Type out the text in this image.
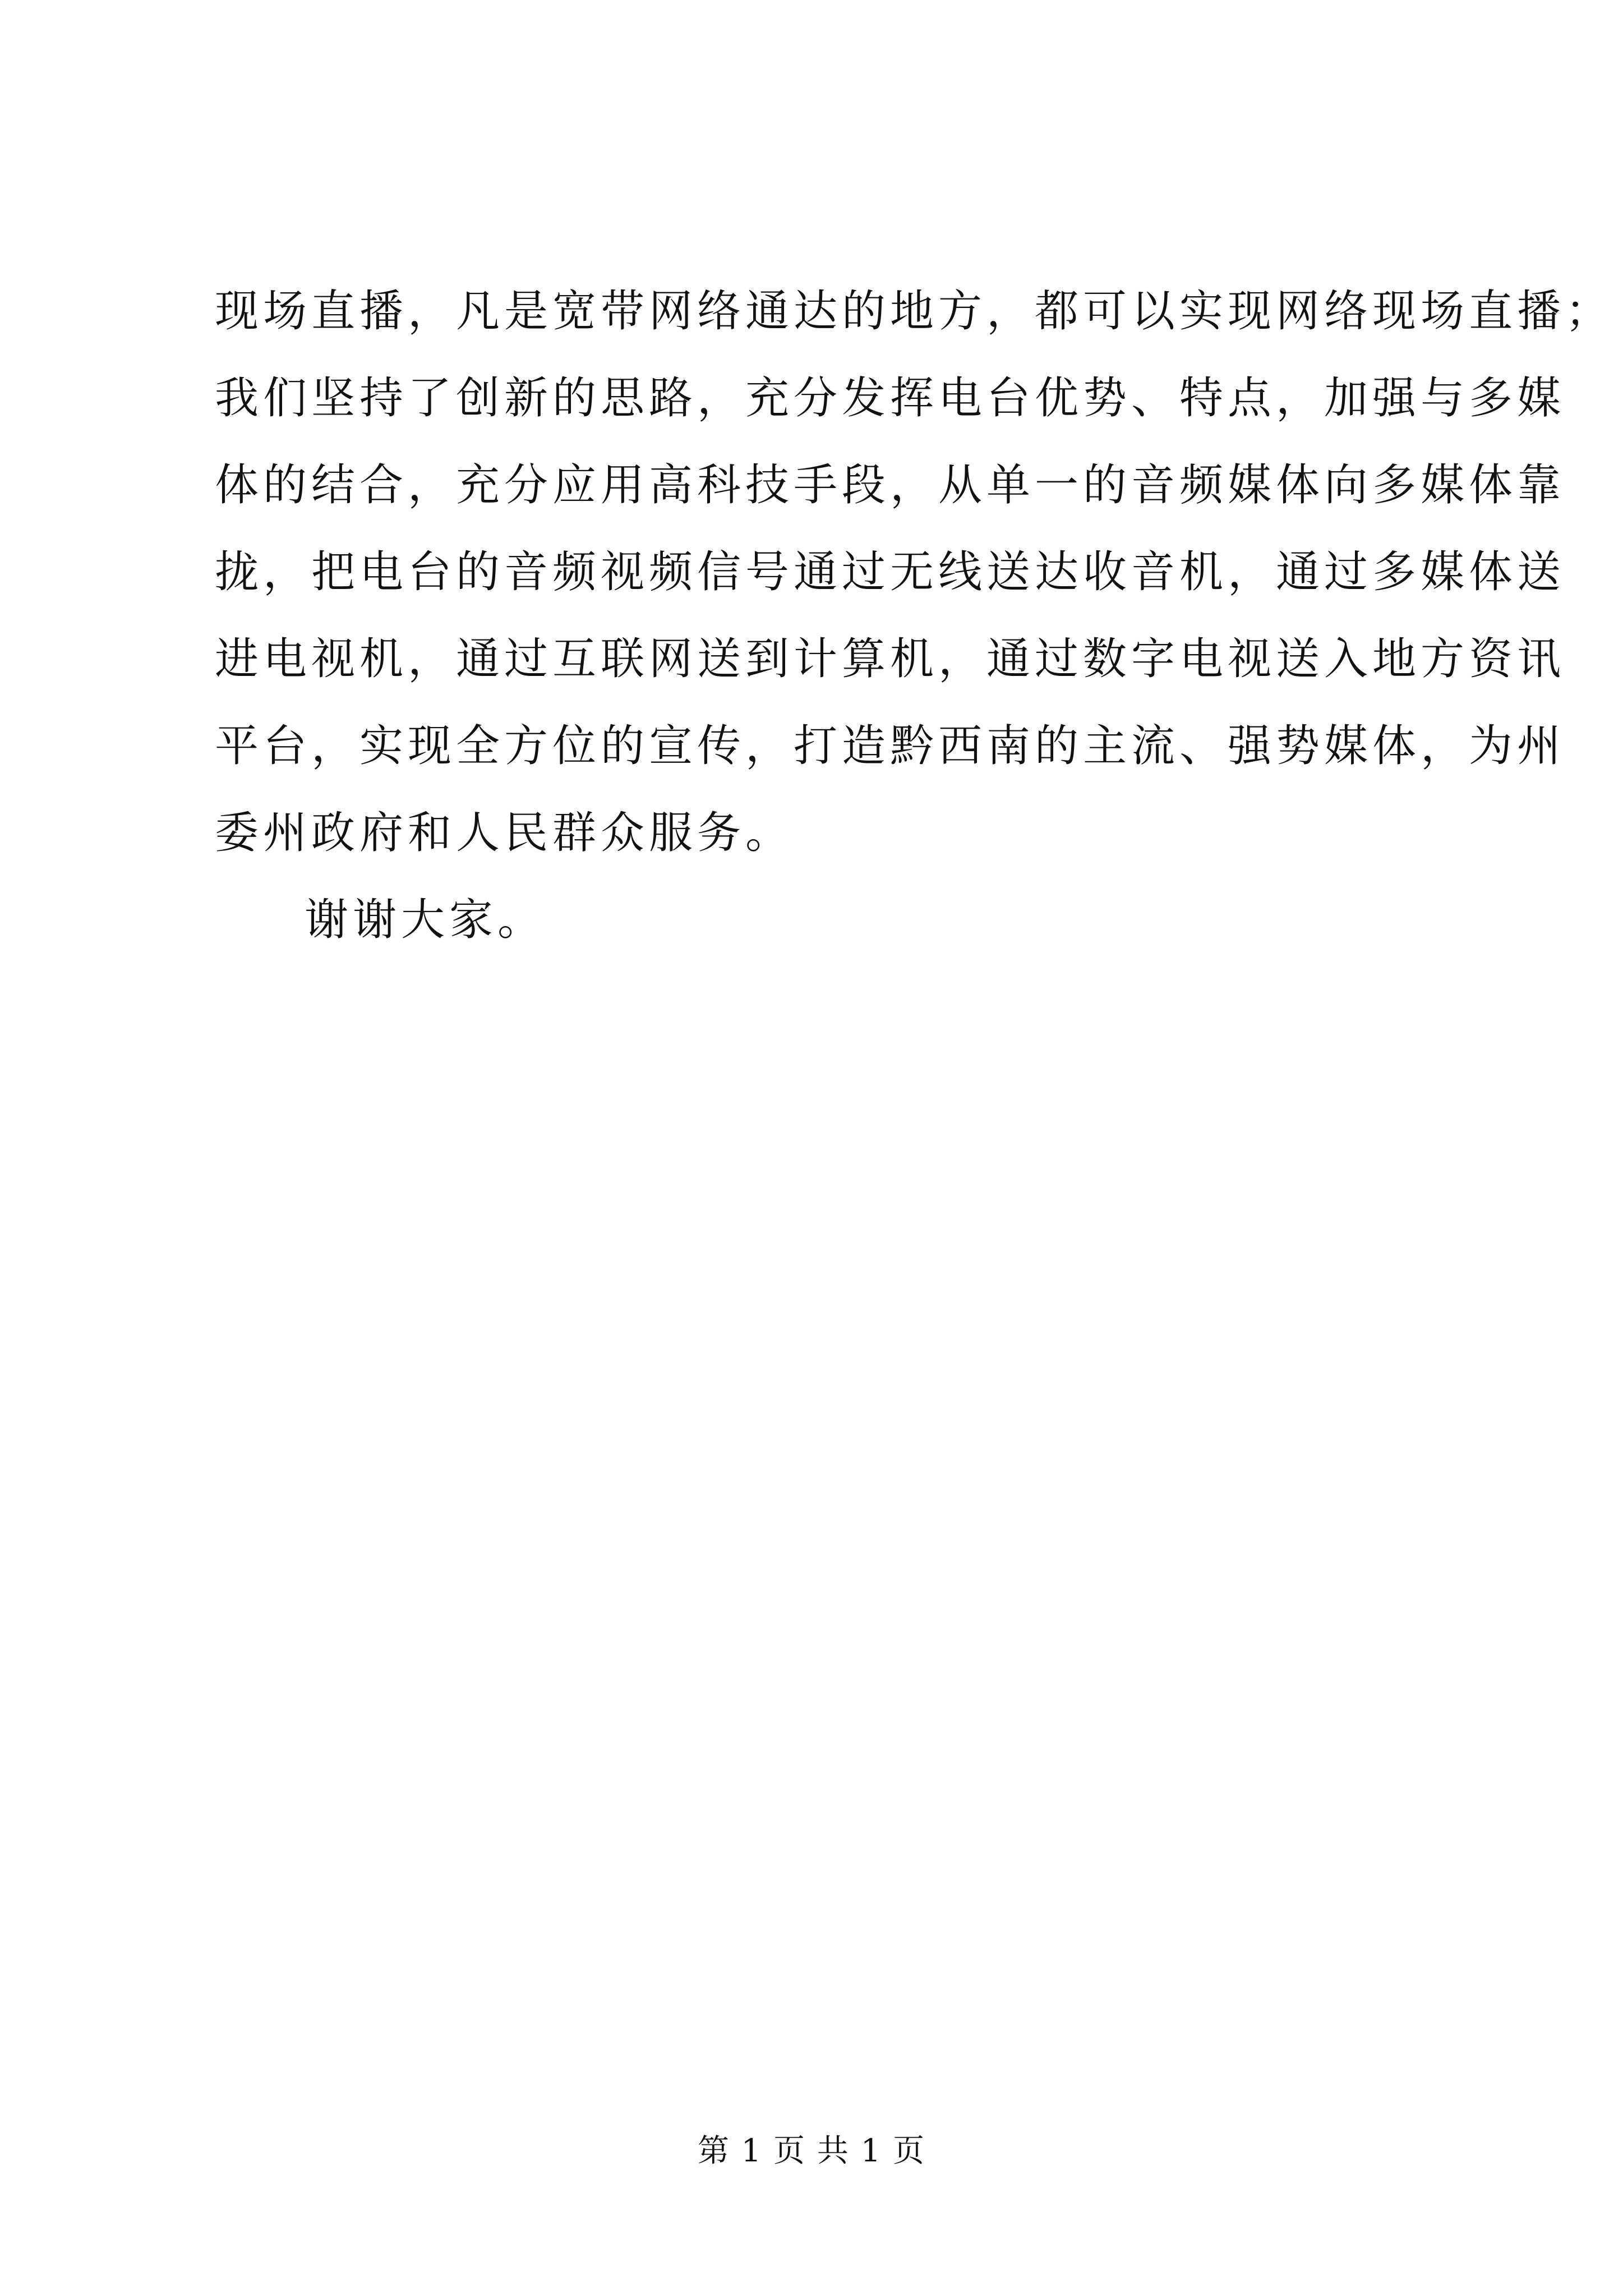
现场直播，凡是宽带网络通达的地方，都可以实现网络现场直播；
我们坚持了创新的思路，充分发挥电台优势、特点，加强与多媒
体的结合，充分应用高科技手段，从单一的音频媒体向多媒体靠
拢，把电台的音频视频信号通过无线送达收音机，通过多媒体送
进电视机，通过互联网送到计算机，通过数字电视送入地方资讯
平台，实现全方位的宣传，打造黔西南的主流、强势媒体，为州
委州政府和人民群众服务。
谢谢大家。
第 1 页 共 1 页
